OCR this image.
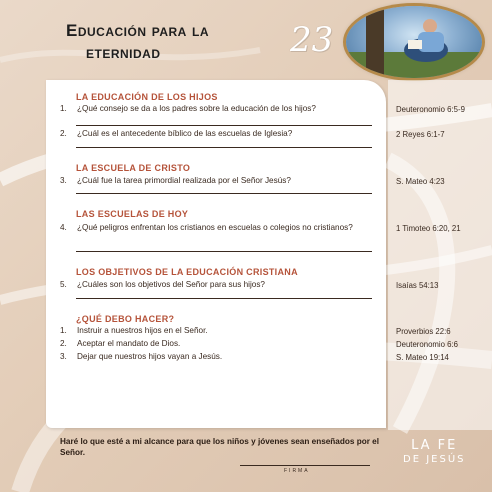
Educación para la
eternidad	23
LA EDUCACIÓN DE LOS HIJOS
1. ¿Qué consejo se da a los padres sobre la educación de los hijos?	Deuteronomio 6:5-9
2. ¿Cuál es el antecedente bíblico de las escuelas de Iglesia?	2 Reyes 6:1-7
LA ESCUELA DE CRISTO
3. ¿Cuál fue la tarea primordial realizada por el Señor Jesús?	S. Mateo 4:23
LAS ESCUELAS DE HOY
4. ¿Qué peligros enfrentan los cristianos en escuelas o colegios no cristianos?	1 Timoteo 6:20, 21
LOS OBJETIVOS DE LA EDUCACIÓN CRISTIANA
5. ¿Cuáles son los objetivos del Señor para sus hijos?	Isaías 54:13
¿QUÉ DEBO HACER?
1. Instruir a nuestros hijos en el Señor.	Proverbios 22:6
2. Aceptar el mandato de Dios.	Deuteronomio 6:6
3. Dejar que nuestros hijos vayan a Jesús.	S. Mateo 19:14
Haré lo que esté a mi alcance para que los niños y jóvenes sean enseñados por el Señor.
FIRMA
LA FE
DE JESÚS
